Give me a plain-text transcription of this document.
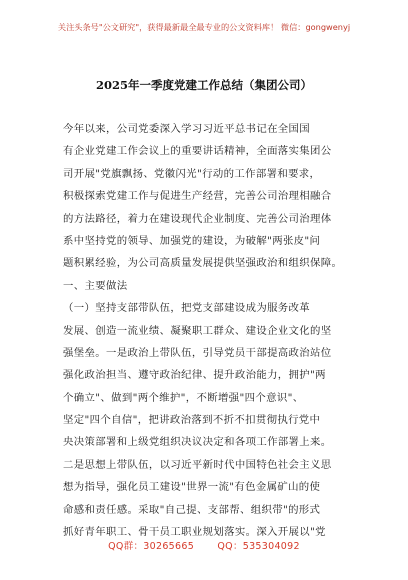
关注头条号"公文研究"，获得最新最全最专业的公文资料库！ 微信：gongwenyj
2025年一季度党建工作总结（集团公司）
今年以来，公司党委深入学习习近平总书记在全国国
有企业党建工作会议上的重要讲话精神，全面落实集团公
司开展"党旗飘扬、党徽闪光"行动的工作部署和要求，
积极探索党建工作与促进生产经营，完善公司治理相融合
的方法路径，着力在建设现代企业制度、完善公司治理体
系中坚持党的领导、加强党的建设，为破解"两张皮"问
题积累经验，为公司高质量发展提供坚强政治和组织保障。
一、主要做法
（一）坚持支部带队伍，把党支部建设成为服务改革
发展、创造一流业绩、凝聚职工群众、建设企业文化的坚
强堡垒。一是政治上带队伍，引导党员干部提高政治站位
强化政治担当、遵守政治纪律、提升政治能力，拥护"两
个确立"、做到"两个维护"，不断增强"四个意识"、
坚定"四个自信"，把讲政治落到不折不扣贯彻执行党中
央决策部署和上级党组织决议决定和各项工作部署上来。
二是思想上带队伍，以习近平新时代中国特色社会主义思
想为指导，强化员工建设"世界一流"有色金属矿山的使
命感和责任感。采取"自己提、支部帮、组织带"的形式
抓好青年职工、骨干员工职业规划落实。深入开展以"党
QQ群：30265665 QQ：535304092
